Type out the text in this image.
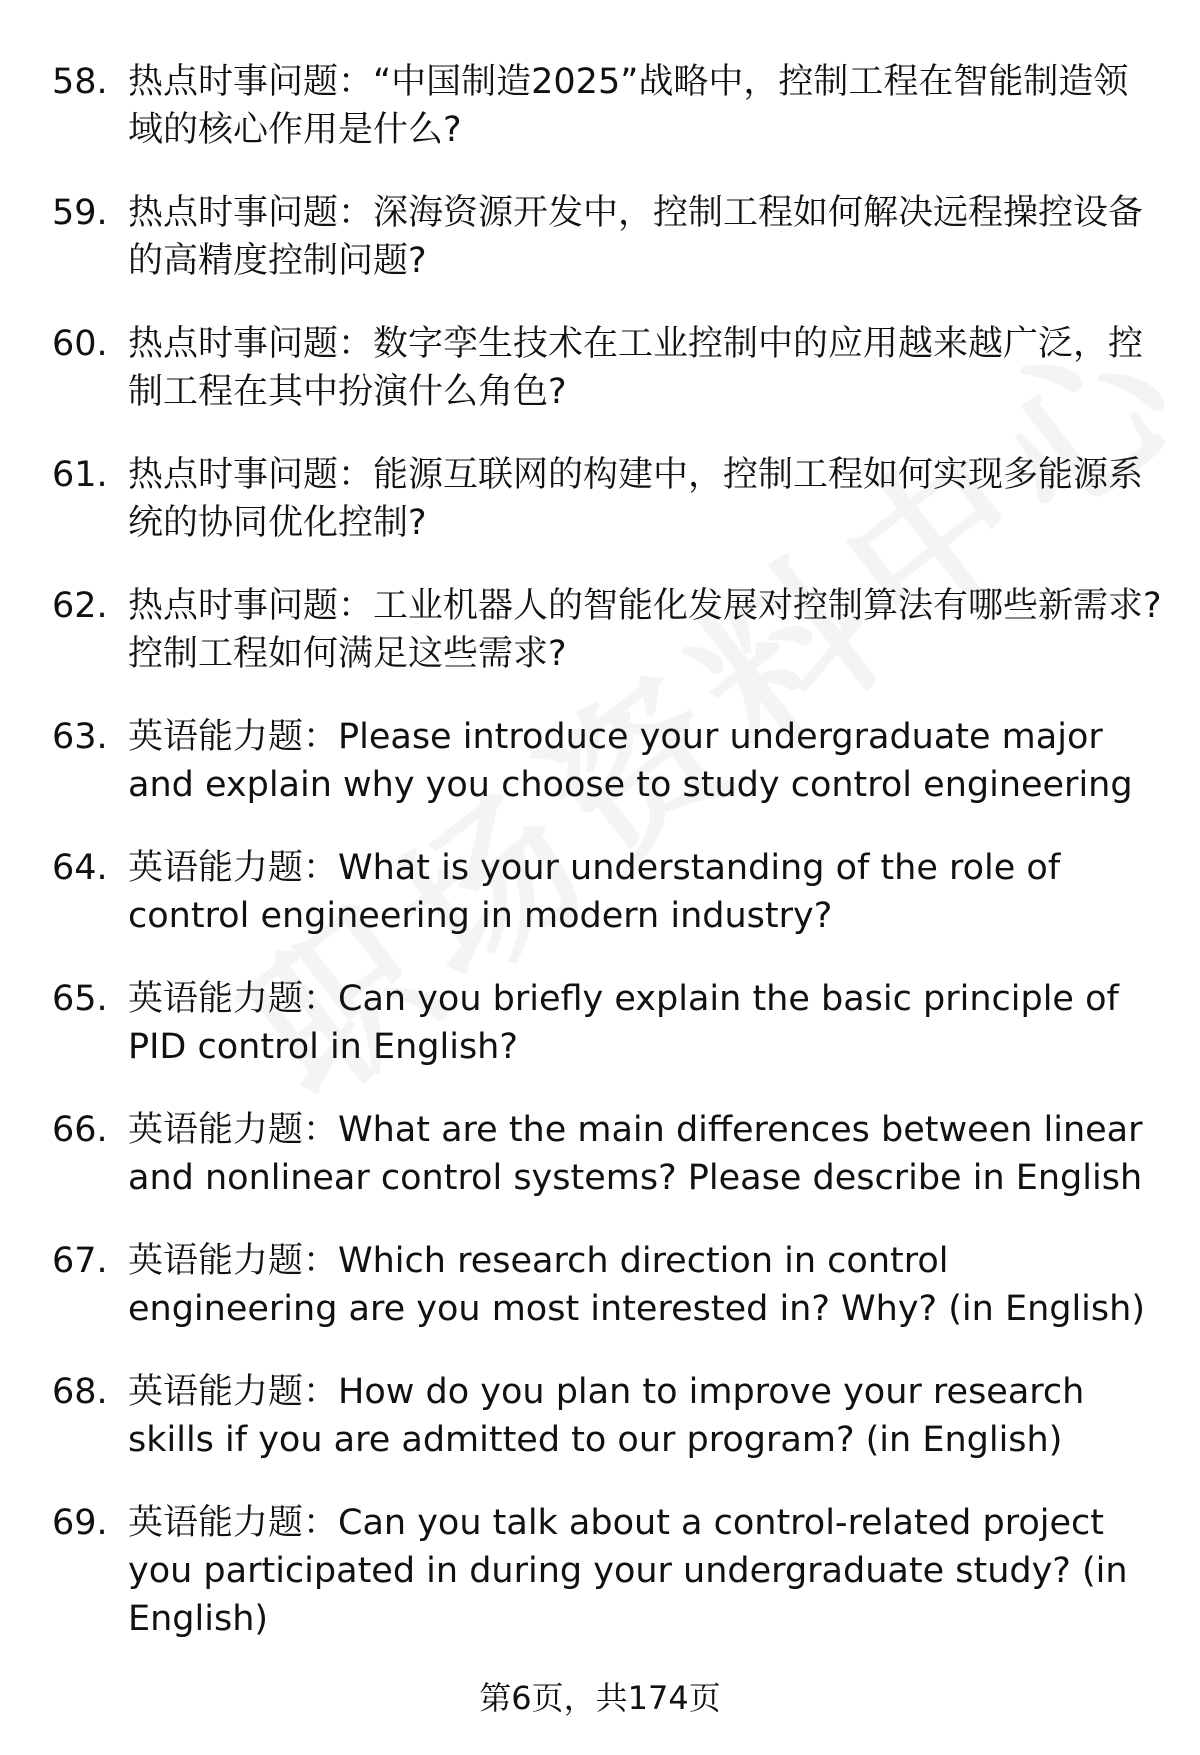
58. 热点时事问题：“中国制造2025”战略中，控制工程在智能制造领域的核心作用是什么?
59. 热点时事问题：深海资源开发中，控制工程如何解决远程操控设备的高精度控制问题?
60. 热点时事问题：数字孪生技术在工业控制中的应用越来越广泛，控制工程在其中扮演什么角色?
61. 热点时事问题：能源互联网的构建中，控制工程如何实现多能源系统的协同优化控制?
62. 热点时事问题：工业机器人的智能化发展对控制算法有哪些新需求? 控制工程如何满足这些需求?
63. 英语能力题：Please introduce your undergraduate major and explain why you choose to study control engineering
64. 英语能力题：What is your understanding of the role of control engineering in modern industry?
65. 英语能力题：Can you briefly explain the basic principle of PID control in English?
66. 英语能力题：What are the main differences between linear and nonlinear control systems? Please describe in English
67. 英语能力题：Which research direction in control engineering are you most interested in? Why? (in English)
68. 英语能力题：How do you plan to improve your research skills if you are admitted to our program? (in English)
69. 英语能力题：Can you talk about a control-related project you participated in during your undergraduate study? (in English)
第6页，共174页
